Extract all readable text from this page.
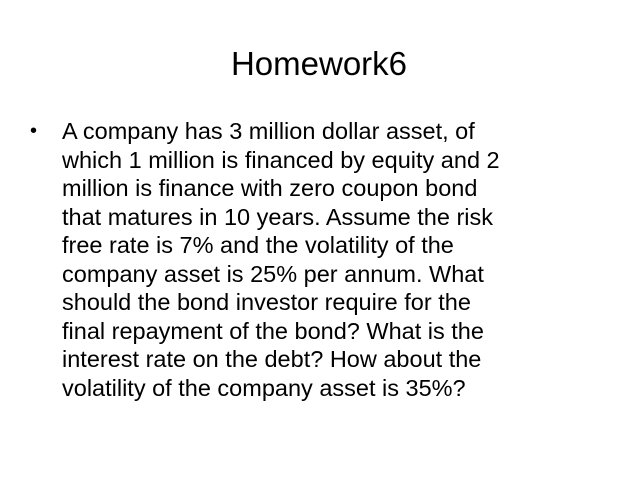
Homework6
• A company has 3 million dollar asset, of
which 1 million is financed by equity and 2
million is finance with zero coupon bond
that matures in 10 years. Assume the risk
free rate is 7% and the volatility of the
company asset is 25% per annum. What
should the bond investor require for the
final repayment of the bond? What is the
interest rate on the debt? How about the
volatility of the company asset is 35%?
